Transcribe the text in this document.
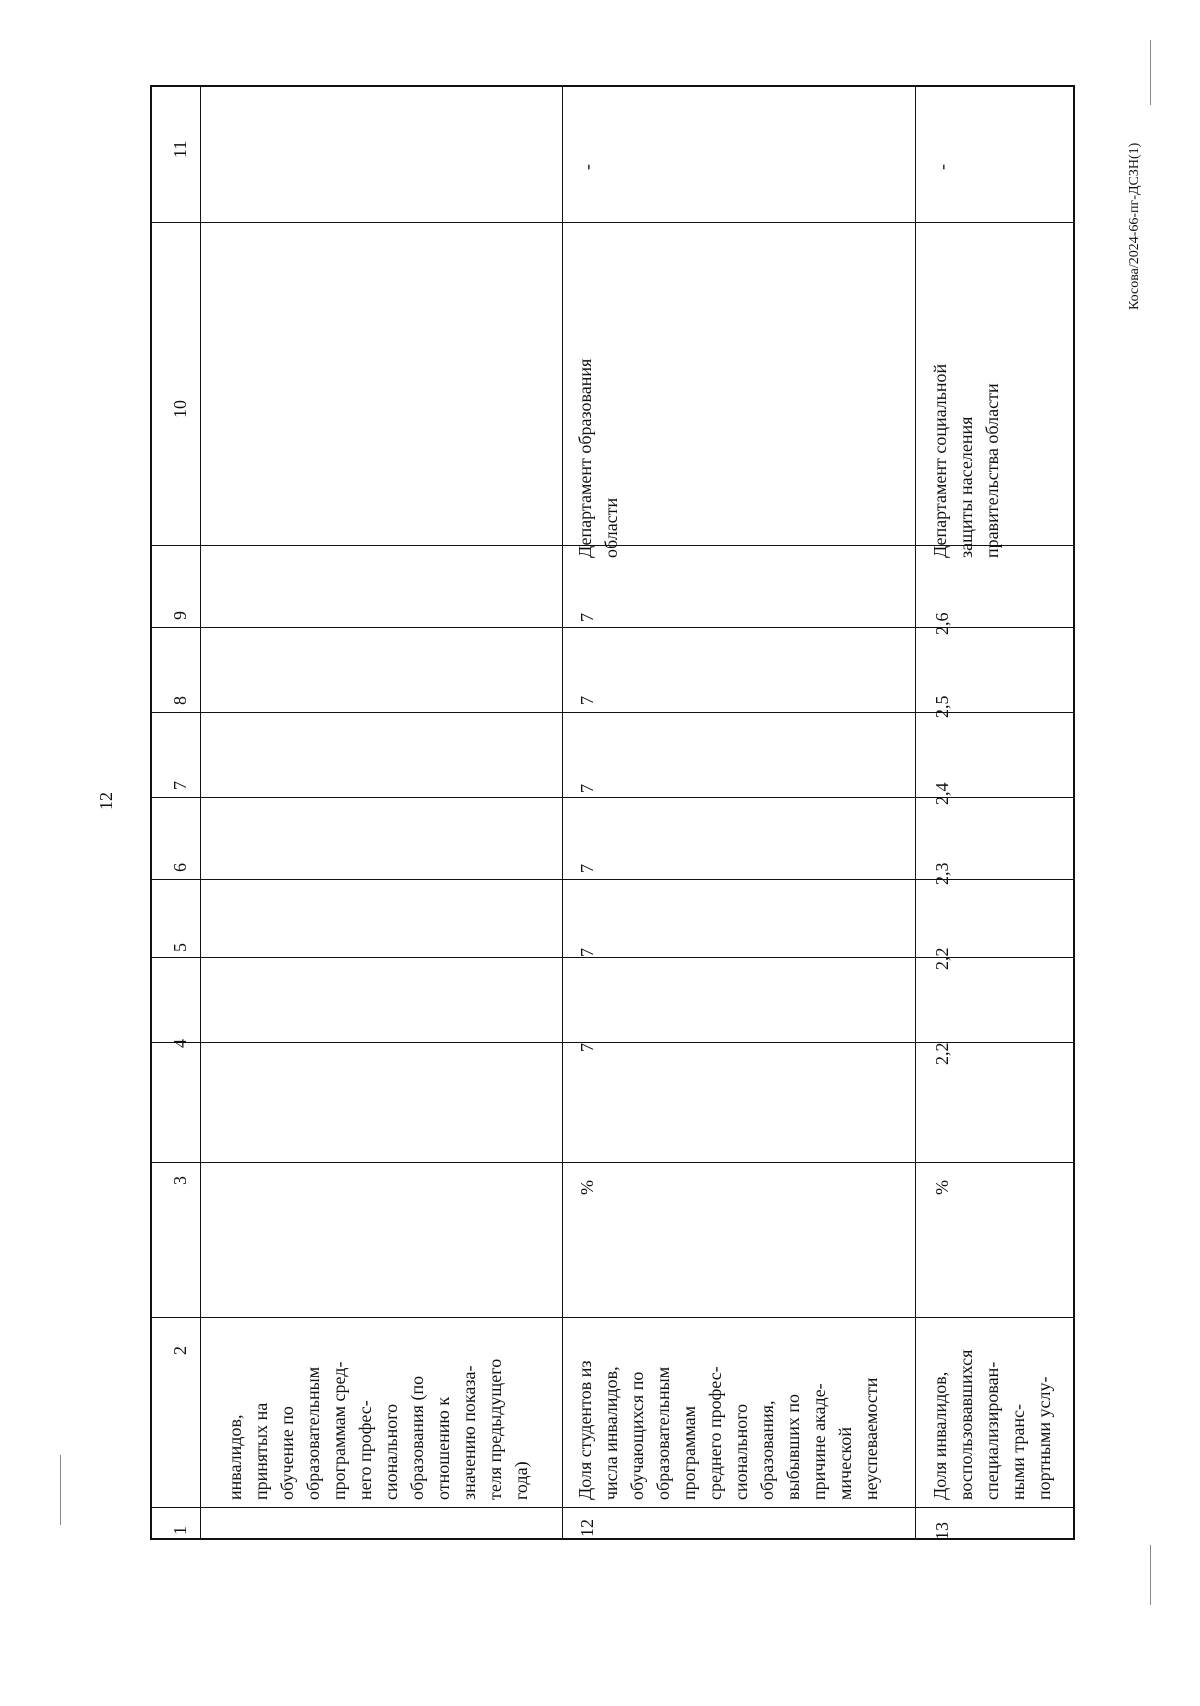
12
Косова/2024-66-пг-ДСЗН(1)
11
10
9
8
7
6
5
4
3
2
1
инвалидов,
принятых на
обучение по
образовательным
программам сред-
него профес-
сионального
образования (по
отношению к
значению показа-
теля предыдущего
года)
12
Доля студентов из
числа инвалидов,
обучающихся по
образовательным
программам
среднего профес-
сионального
образования,
выбывших по
причине акаде-
мической
неуспеваемости
%
7
7
7
7
7
7
Департамент образования
области
-
13
Доля инвалидов,
воспользовавшихся
специализирован-
ными транс-
портными услу-
%
2,2
2,2
2,3
2,4
2,5
2,6
Департамент социальной
защиты населения
правительства области
-
